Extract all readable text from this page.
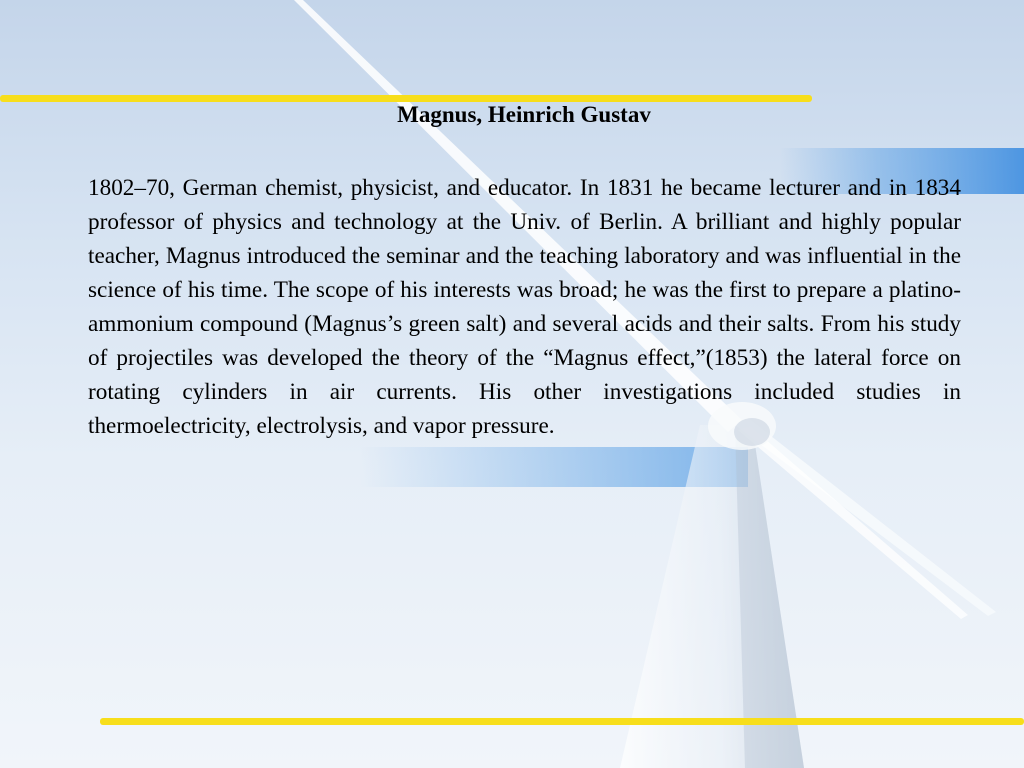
Magnus, Heinrich Gustav

1802–70, German chemist, physicist, and educator. In 1831 he became lecturer and in 1834 professor of physics and technology at the Univ. of Berlin. A brilliant and highly popular teacher, Magnus introduced the seminar and the teaching laboratory and was influential in the science of his time. The scope of his interests was broad; he was the first to prepare a platino-ammonium compound (Magnus’s green salt) and several acids and their salts. From his study of projectiles was developed the theory of the “Magnus effect,”(1853) the lateral force on rotating cylinders in air currents. His other investigations included studies in thermoelectricity, electrolysis, and vapor pressure.
